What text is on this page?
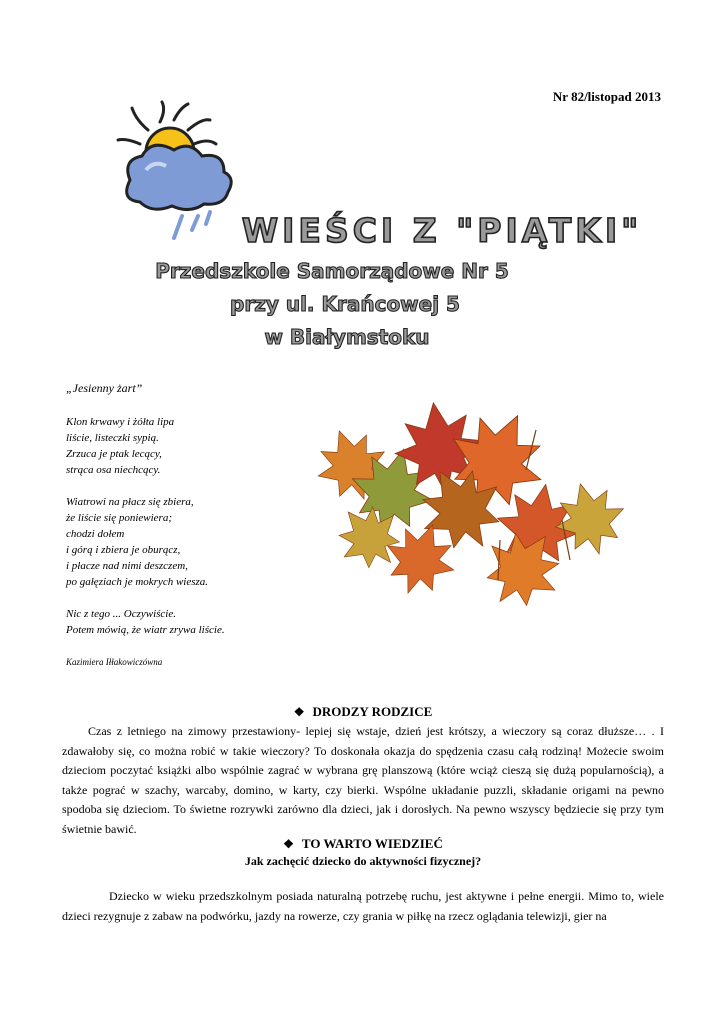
Nr 82/listopad 2013
WIEŚCI Z "PIĄTKI"
Przedszkole Samorządowe Nr 5
przy ul. Krańcowej 5
w Białymstoku
„Jesienny żart”
Klon krwawy i żółta lipa
liście, listeczki sypią.
Zrzuca je ptak lecący,
strąca osa niechcący.
Wiatrowi na płacz się zbiera,
że liście się poniewiera;
chodzi dołem
i górą i zbiera je oburącz,
i płacze nad nimi deszczem,
po gałęziach je mokrych wiesza.
Nic z tego ... Oczywiście.
Potem mówią, że wiatr zrywa liście.
Kazimiera Iłłakowiczówna
❖ DRODZY RODZICE
Czas z letniego na zimowy przestawiony- lepiej się wstaje, dzień jest krótszy, a wieczory są coraz dłuższe… . I zdawałoby się, co można robić w takie wieczory? To doskonała okazja do spędzenia czasu całą rodziną! Możecie swoim dzieciom poczytać książki albo wspólnie zagrać w wybrana grę planszową (które wciąż cieszą się dużą popularnością), a także pograć w szachy, warcaby, domino, w karty, czy bierki. Wspólne układanie puzzli, składanie origami na pewno spodoba się dzieciom. To świetne rozrywki zarówno dla dzieci, jak i dorosłych. Na pewno wszyscy będziecie się przy tym świetnie bawić.
❖ TO WARTO WIEDZIEĆ
Jak zachęcić dziecko do aktywności fizycznej?
Dziecko w wieku przedszkolnym posiada naturalną potrzebę ruchu, jest aktywne i pełne energii. Mimo to, wiele dzieci rezygnuje z zabaw na podwórku, jazdy na rowerze, czy grania w piłkę na rzecz oglądania telewizji, gier na
